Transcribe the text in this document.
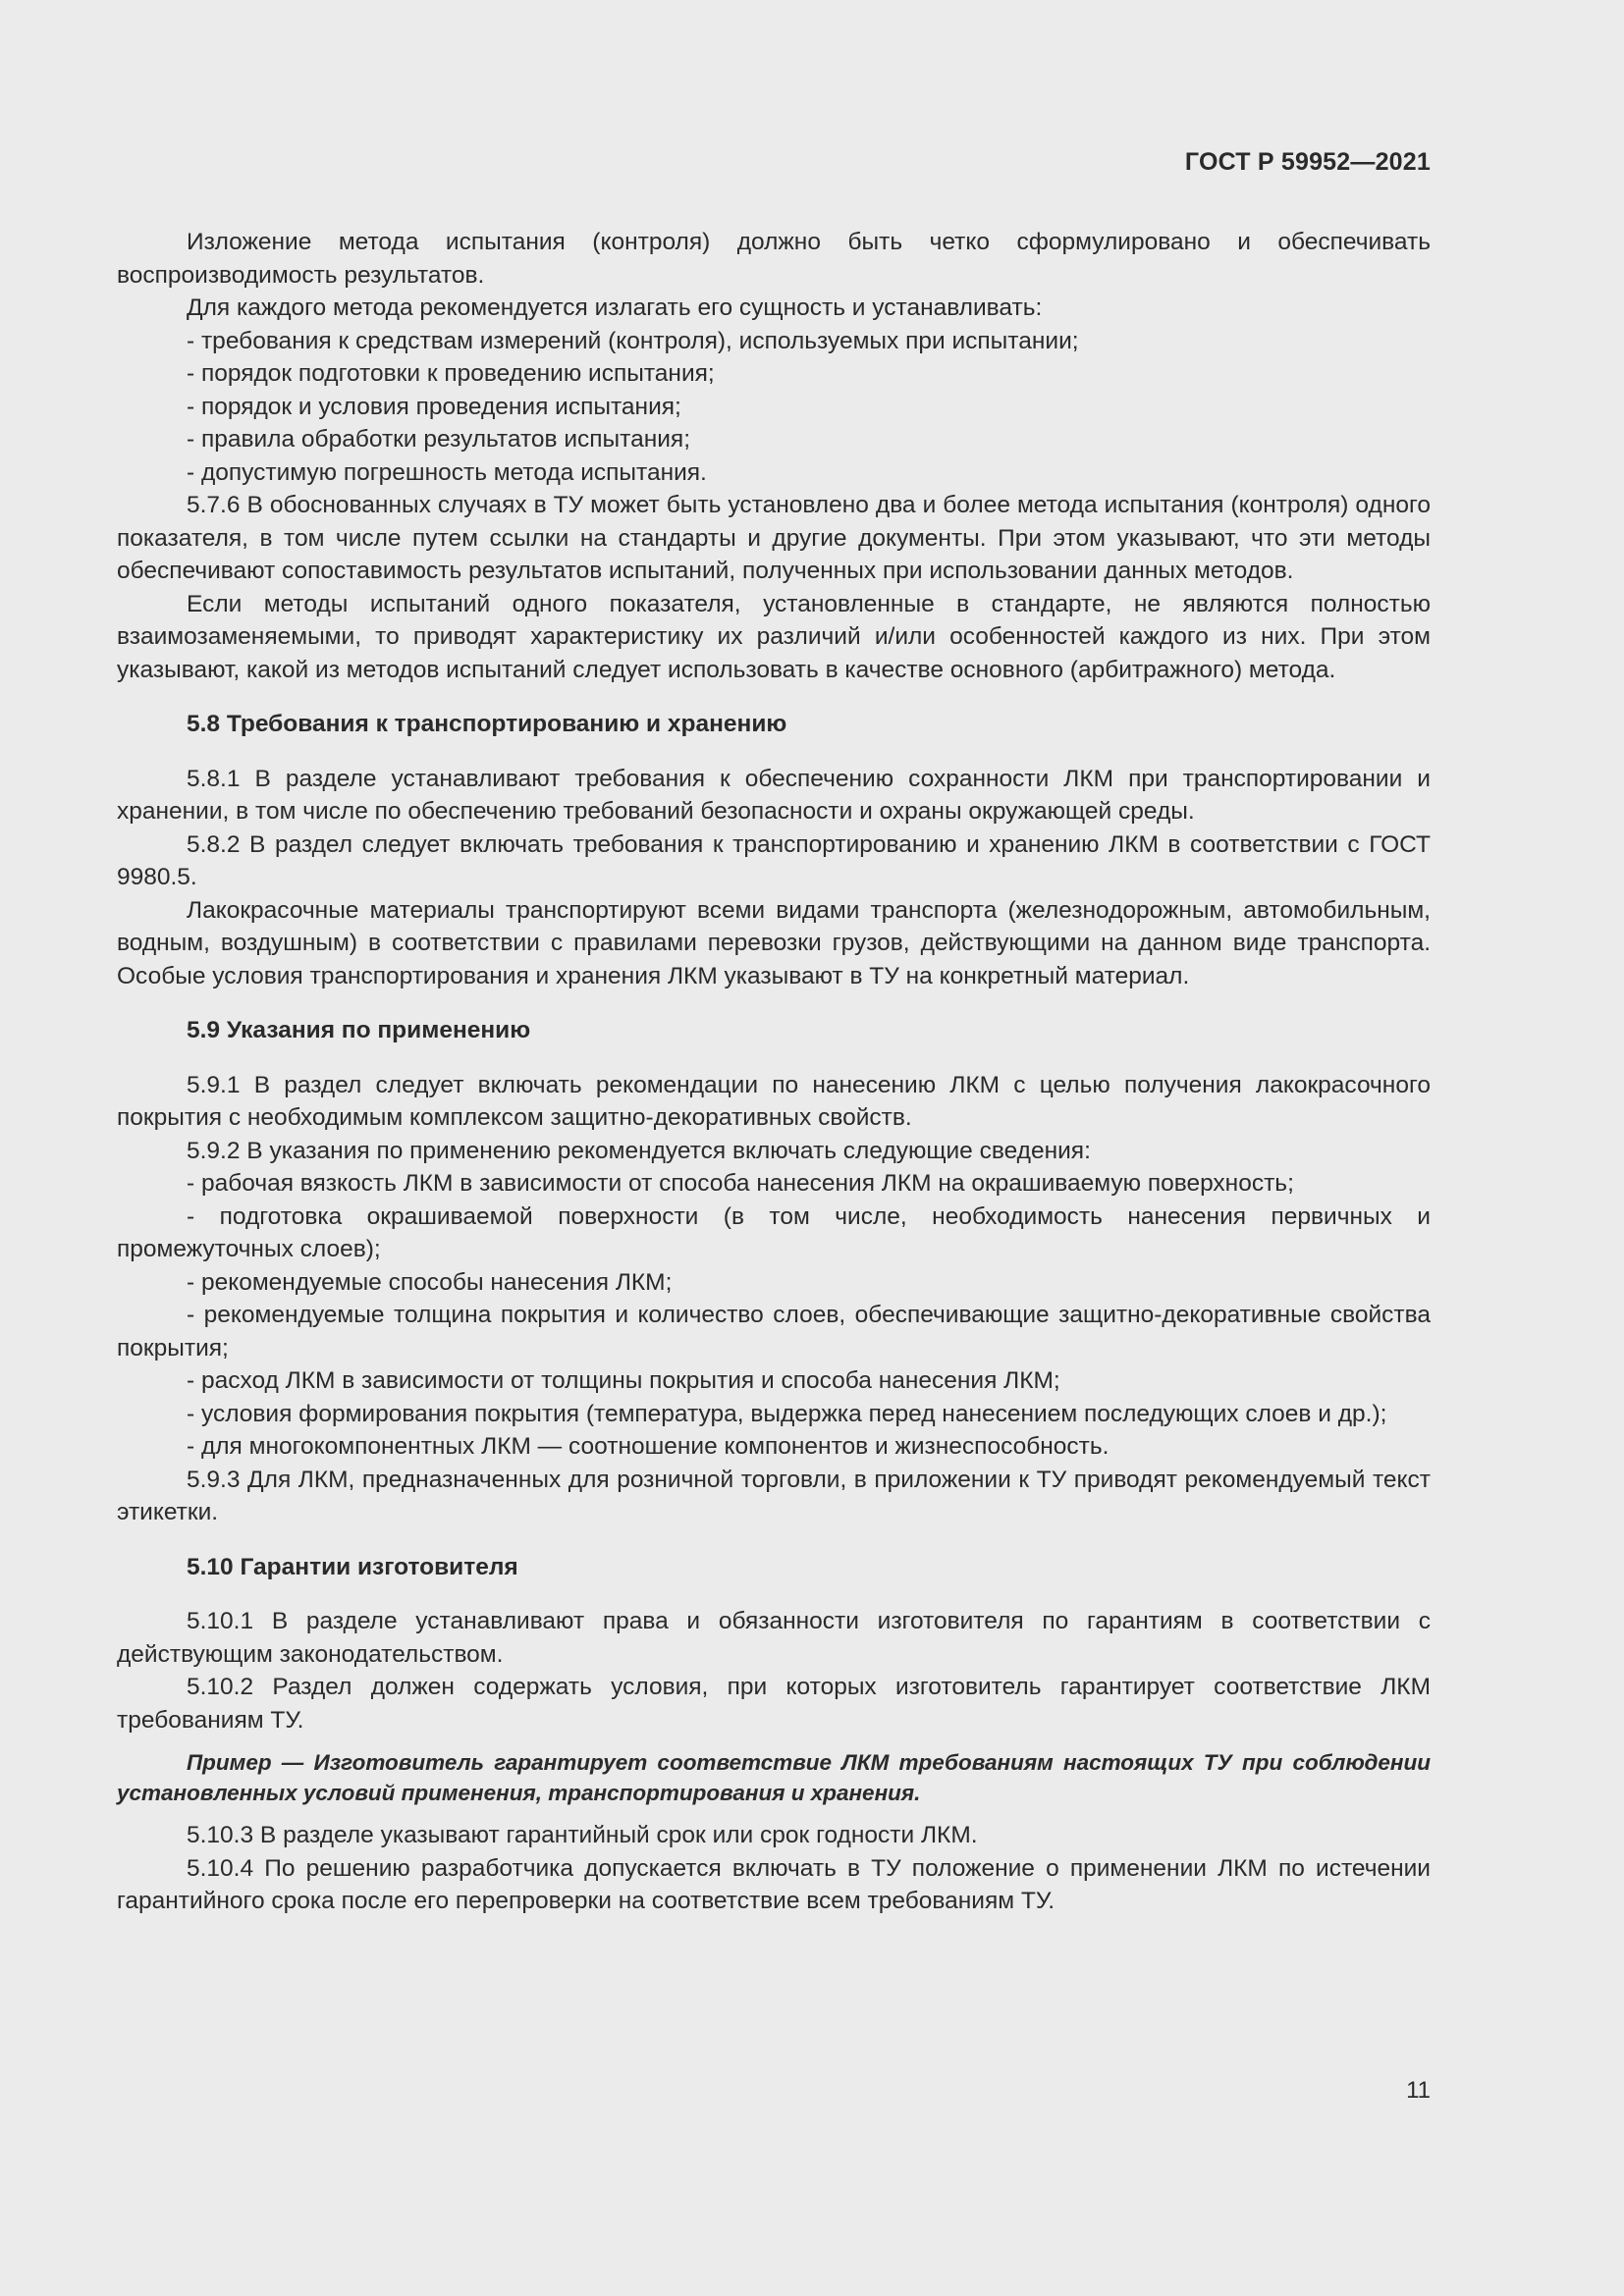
ГОСТ Р 59952—2021

Изложение метода испытания (контроля) должно быть четко сформулировано и обеспечивать воспроизводимость результатов.

Для каждого метода рекомендуется излагать его сущность и устанавливать:

- требования к средствам измерений (контроля), используемых при испытании;

- порядок подготовки к проведению испытания;

- порядок и условия проведения испытания;

- правила обработки результатов испытания;

- допустимую погрешность метода испытания.

5.7.6 В обоснованных случаях в ТУ может быть установлено два и более метода испытания (контроля) одного показателя, в том числе путем ссылки на стандарты и другие документы. При этом указывают, что эти методы обеспечивают сопоставимость результатов испытаний, полученных при использовании данных методов.

Если методы испытаний одного показателя, установленные в стандарте, не являются полностью взаимозаменяемыми, то приводят характеристику их различий и/или особенностей каждого из них. При этом указывают, какой из методов испытаний следует использовать в качестве основного (арбитражного) метода.

5.8 Требования к транспортированию и хранению

5.8.1 В разделе устанавливают требования к обеспечению сохранности ЛКМ при транспортировании и хранении, в том числе по обеспечению требований безопасности и охраны окружающей среды.

5.8.2 В раздел следует включать требования к транспортированию и хранению ЛКМ в соответствии с ГОСТ 9980.5.

Лакокрасочные материалы транспортируют всеми видами транспорта (железнодорожным, автомобильным, водным, воздушным) в соответствии с правилами перевозки грузов, действующими на данном виде транспорта. Особые условия транспортирования и хранения ЛКМ указывают в ТУ на конкретный материал.

5.9 Указания по применению

5.9.1 В раздел следует включать рекомендации по нанесению ЛКМ с целью получения лакокрасочного покрытия с необходимым комплексом защитно-декоративных свойств.

5.9.2 В указания по применению рекомендуется включать следующие сведения:

- рабочая вязкость ЛКМ в зависимости от способа нанесения ЛКМ на окрашиваемую поверхность;

- подготовка окрашиваемой поверхности (в том числе, необходимость нанесения первичных и промежуточных слоев);

- рекомендуемые способы нанесения ЛКМ;

- рекомендуемые толщина покрытия и количество слоев, обеспечивающие защитно-декоративные свойства покрытия;

- расход ЛКМ в зависимости от толщины покрытия и способа нанесения ЛКМ;

- условия формирования покрытия (температура, выдержка перед нанесением последующих слоев и др.);

- для многокомпонентных ЛКМ — соотношение компонентов и жизнеспособность.

5.9.3 Для ЛКМ, предназначенных для розничной торговли, в приложении к ТУ приводят рекомендуемый текст этикетки.

5.10 Гарантии изготовителя

5.10.1 В разделе устанавливают права и обязанности изготовителя по гарантиям в соответствии с действующим законодательством.

5.10.2 Раздел должен содержать условия, при которых изготовитель гарантирует соответствие ЛКМ требованиям ТУ.

Пример — Изготовитель гарантирует соответствие ЛКМ требованиям настоящих ТУ при соблюдении установленных условий применения, транспортирования и хранения.

5.10.3 В разделе указывают гарантийный срок или срок годности ЛКМ.

5.10.4 По решению разработчика допускается включать в ТУ положение о применении ЛКМ по истечении гарантийного срока после его перепроверки на соответствие всем требованиям ТУ.

11
